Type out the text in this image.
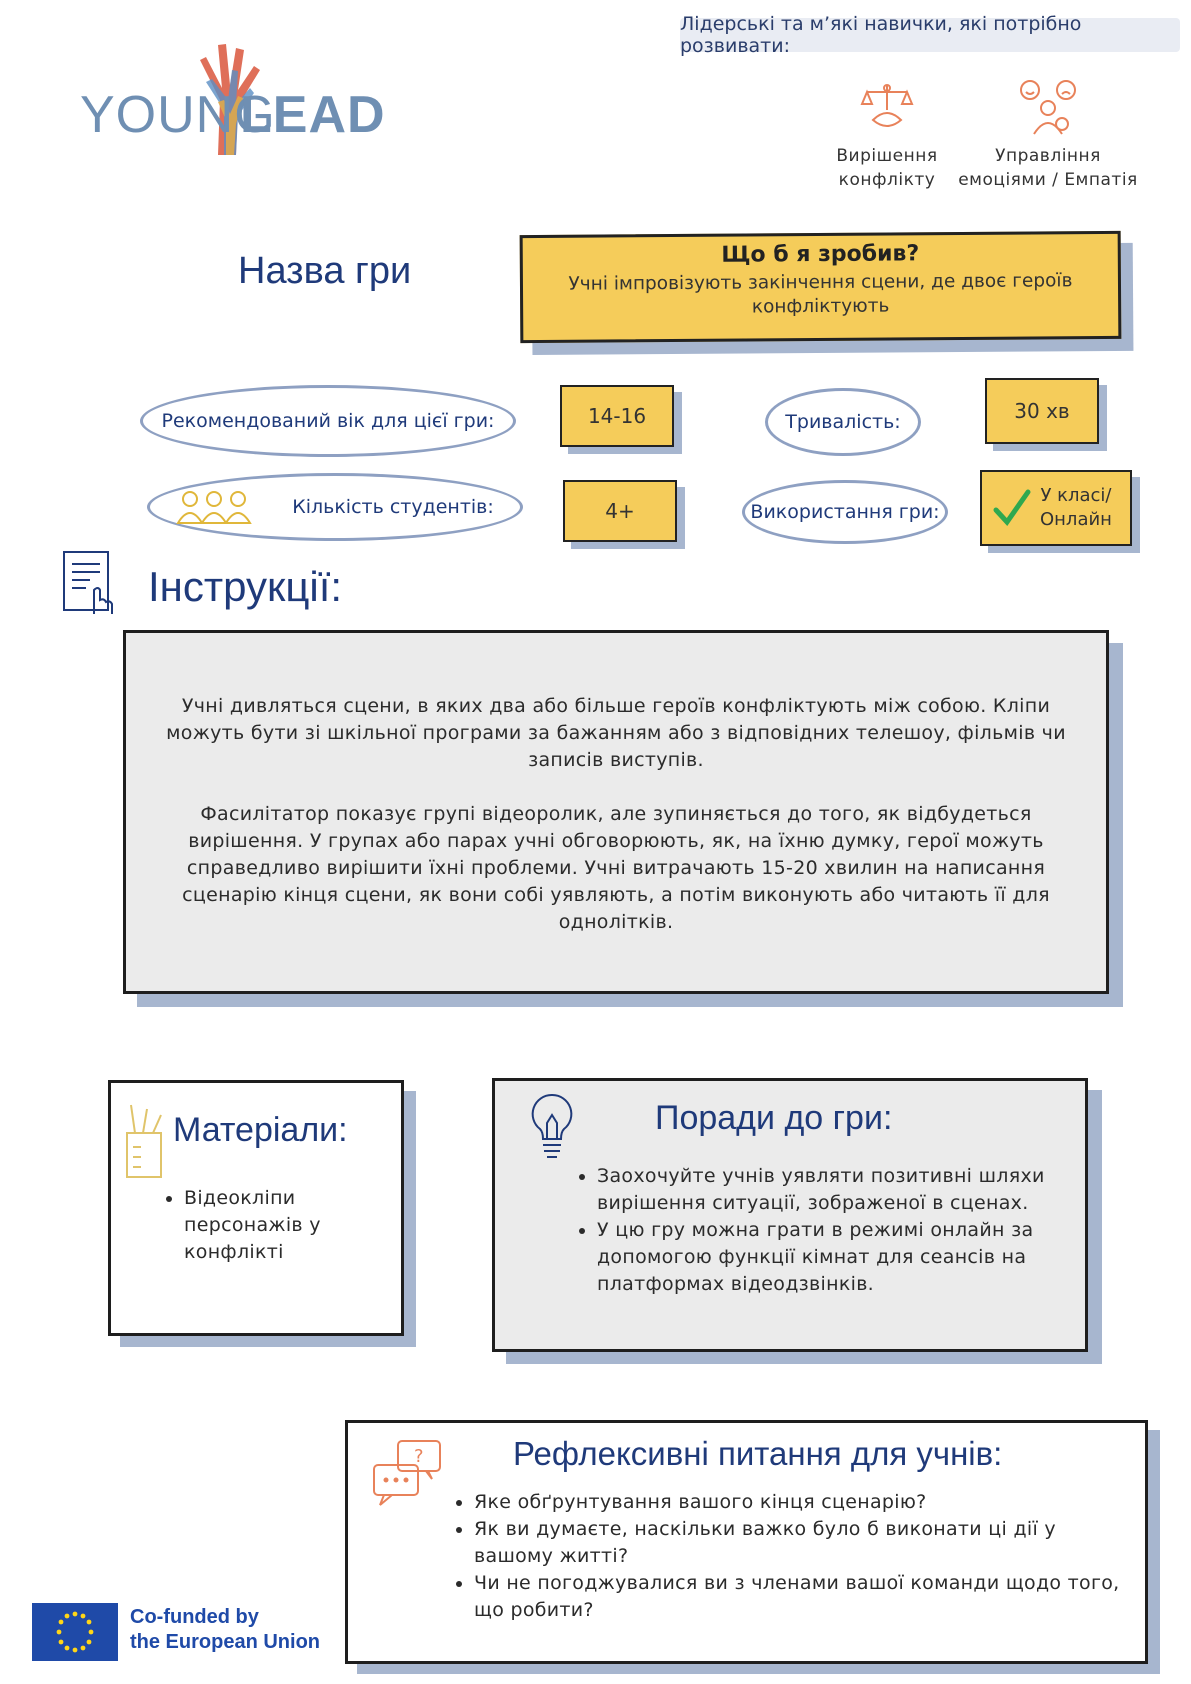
Лідерські та м’які навички, які потрібно розвивати:
Вирішення
конфлікту
Управління
емоціями / Емпатія
YOUNG
LEAD
Назва гри	Що б я зробив?
Учні імпровізують закінчення сцени, де двоє героїв конфліктують
Рекомендований вік для цієї гри:	14-16	Тривалість:	30 хв
Кількість студентів:	4+	Використання гри:
У класі/
Онлайн
Інструкції:

Учні дивляться сцени, в яких два або більше героїв конфліктують між собою. Кліпи можуть бути зі шкільної програми за бажанням або з відповідних телешоу, фільмів чи записів виступів.

Фасилітатор показує групі відеоролик, але зупиняється до того, як відбудеться вирішення. У групах або парах учні обговорюють, як, на їхню думку, герої можуть справедливо вирішити їхні проблеми. Учні витрачають 15-20 хвилин на написання сценарію кінця сцени, як вони собі уявляють, а потім виконують або читають її для однолітків.

Матеріали:
• Відеокліпи персонажів у конфлікті
Поради до гри:
• Заохочуйте учнів уявляти позитивні шляхи вирішення ситуації, зображеної в сценах.
• У цю гру можна грати в режимі онлайн за допомогою функції кімнат для сеансів на платформах відеодзвінків.
?	Рефлексивні питання для учнів:
• Яке обґрунтування вашого кінця сценарію?
• Як ви думаєте, наскільки важко було б виконати ці дії у вашому житті?
• Чи не погоджувалися ви з членами вашої команди щодо того, що робити?
Co-funded by
the European Union
